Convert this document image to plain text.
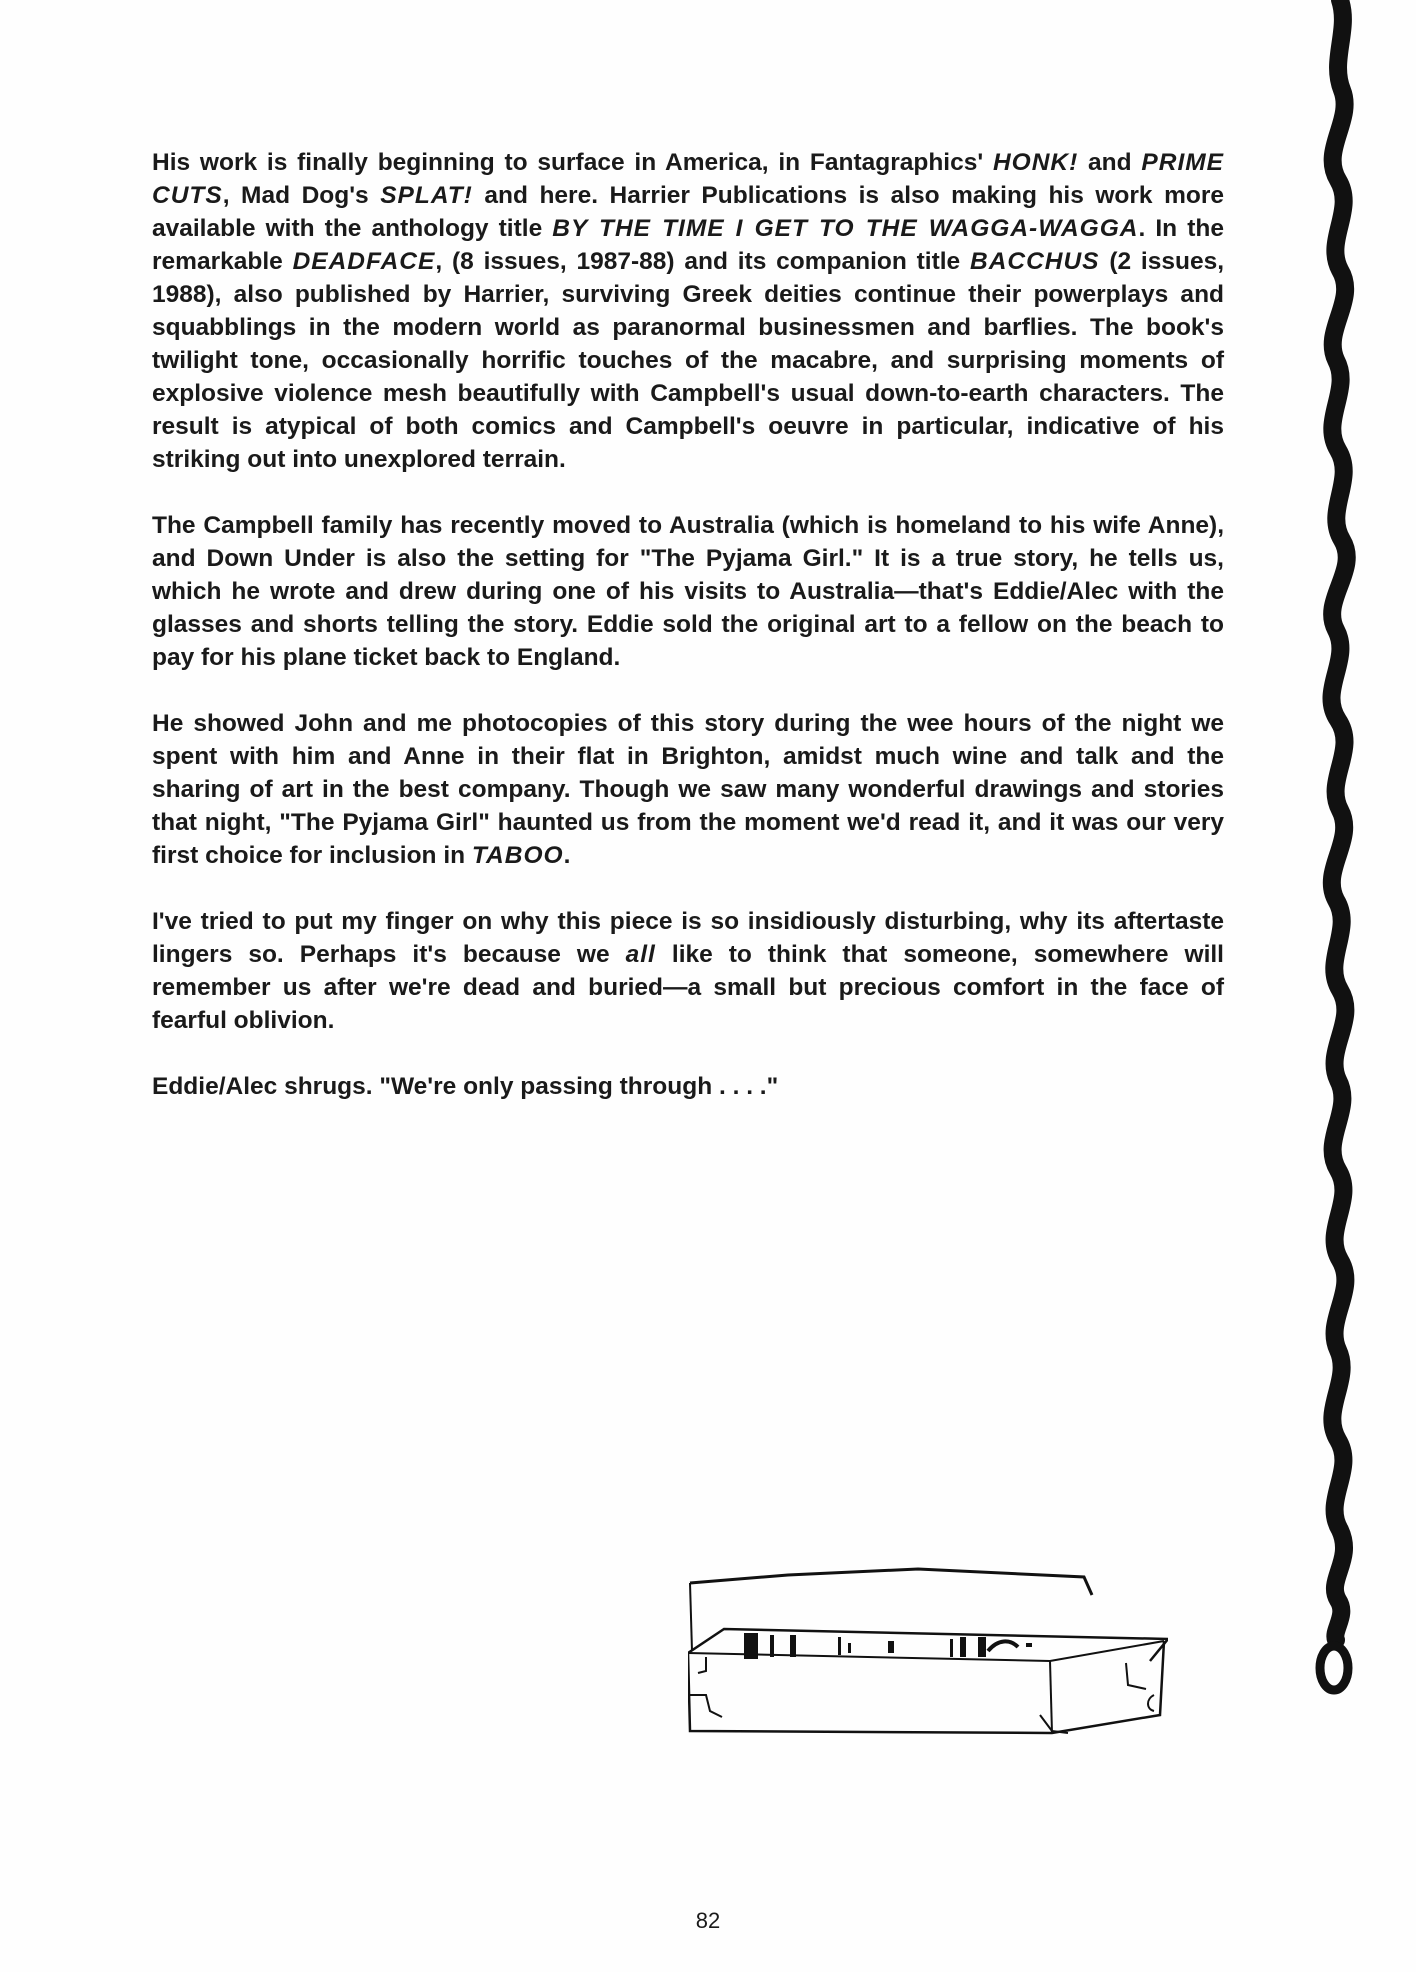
His work is finally beginning to surface in America, in Fantagraphics' HONK! and PRIME CUTS, Mad Dog's SPLAT! and here. Harrier Publications is also making his work more available with the anthology title BY THE TIME I GET TO THE WAGGA-WAGGA. In the remarkable DEADFACE, (8 issues, 1987-88) and its companion title BACCHUS (2 issues, 1988), also published by Harrier, surviving Greek deities continue their powerplays and squabblings in the modern world as paranormal businessmen and barflies. The book's twilight tone, occasionally horrific touches of the macabre, and surprising moments of explosive violence mesh beautifully with Campbell's usual down-to-earth characters. The result is atypical of both comics and Campbell's oeuvre in particular, indicative of his striking out into unexplored terrain.

The Campbell family has recently moved to Australia (which is homeland to his wife Anne), and Down Under is also the setting for "The Pyjama Girl." It is a true story, he tells us, which he wrote and drew during one of his visits to Australia—that's Eddie/Alec with the glasses and shorts telling the story. Eddie sold the original art to a fellow on the beach to pay for his plane ticket back to England.

He showed John and me photocopies of this story during the wee hours of the night we spent with him and Anne in their flat in Brighton, amidst much wine and talk and the sharing of art in the best company. Though we saw many wonderful drawings and stories that night, "The Pyjama Girl" haunted us from the moment we'd read it, and it was our very first choice for inclusion in TABOO.

I've tried to put my finger on why this piece is so insidiously disturbing, why its aftertaste lingers so. Perhaps it's because we all like to think that someone, somewhere will remember us after we're dead and buried—a small but precious comfort in the face of fearful oblivion.

Eddie/Alec shrugs. "We're only passing through . . . ."

82
